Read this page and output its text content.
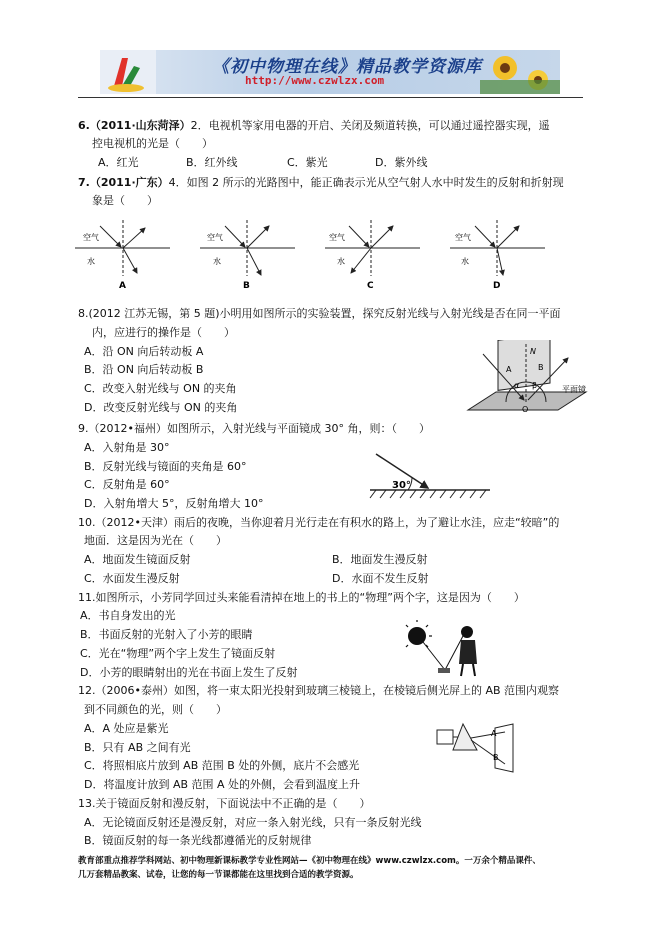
《初中物理在线》精品教学资源库
http://www.czwlzx.com
6.（2011·山东菏泽）2．电视机等家用电器的开启、关闭及频道转换，可以通过遥控器实现，遥
控电视机的光是（　　）
A．红光	B．红外线	C．紫光	D．紫外线
7.（2011·广东）4．如图 2 所示的光路图中，能正确表示光从空气射人水中时发生的反射和折射现
象是（　　）
空气
水
A
空气
水
B
空气
水
C
空气
水
D
8.(2012 江苏无锡，第 5 题)小明用如图所示的实验装置，探究反射光线与入射光线是否在同一平面
内，应进行的操作是（　　）
A．沿 ON 向后转动板 A
B．沿 ON 向后转动板 B
C．改变入射光线与 ON 的夹角
D．改变反射光线与 ON 的夹角
N
O
A	B
α β	平面镜
9.（2012•福州）如图所示，入射光线与平面镜成 30° 角，则：（　　）
A．入射角是 30°
B．反射光线与镜面的夹角是 60°
C．反射角是 60°
D．入射角增大 5°，反射角增大 10°
30°
10.（2012•天津）雨后的夜晚，当你迎着月光行走在有积水的路上，为了避让水洼，应走“较暗”的
地面．这是因为光在（　　）
A．地面发生镜面反射	B．地面发生漫反射
C．水面发生漫反射	D．水面不发生反射
11.如图所示，小芳同学回过头来能看清掉在地上的书上的“物理”两个字，这是因为（　　）
A．书自身发出的光
B．书面反射的光射入了小芳的眼睛
C．光在“物理”两个字上发生了镜面反射
D．小芳的眼睛射出的光在书面上发生了反射
12.（2006•泰州）如图，将一束太阳光投射到玻璃三棱镜上，在棱镜后侧光屏上的 AB 范围内观察
到不同颜色的光，则（　　）
A．A 处应是紫光
B．只有 AB 之间有光
C．将照相底片放到 AB 范围 B 处的外侧，底片不会感光
D．将温度计放到 AB 范围 A 处的外侧，会看到温度上升
A
B
13.关于镜面反射和漫反射，下面说法中不正确的是（　　）
A．无论镜面反射还是漫反射，对应一条入射光线，只有一条反射光线
B．镜面反射的每一条光线都遵循光的反射规律
教育部重点推荐学科网站、初中物理新课标教学专业性网站—《初中物理在线》www.czwlzx.com。一万余个精品课件、
几万套精品教案、试卷，让您的每一节课都能在这里找到合适的教学资源。
